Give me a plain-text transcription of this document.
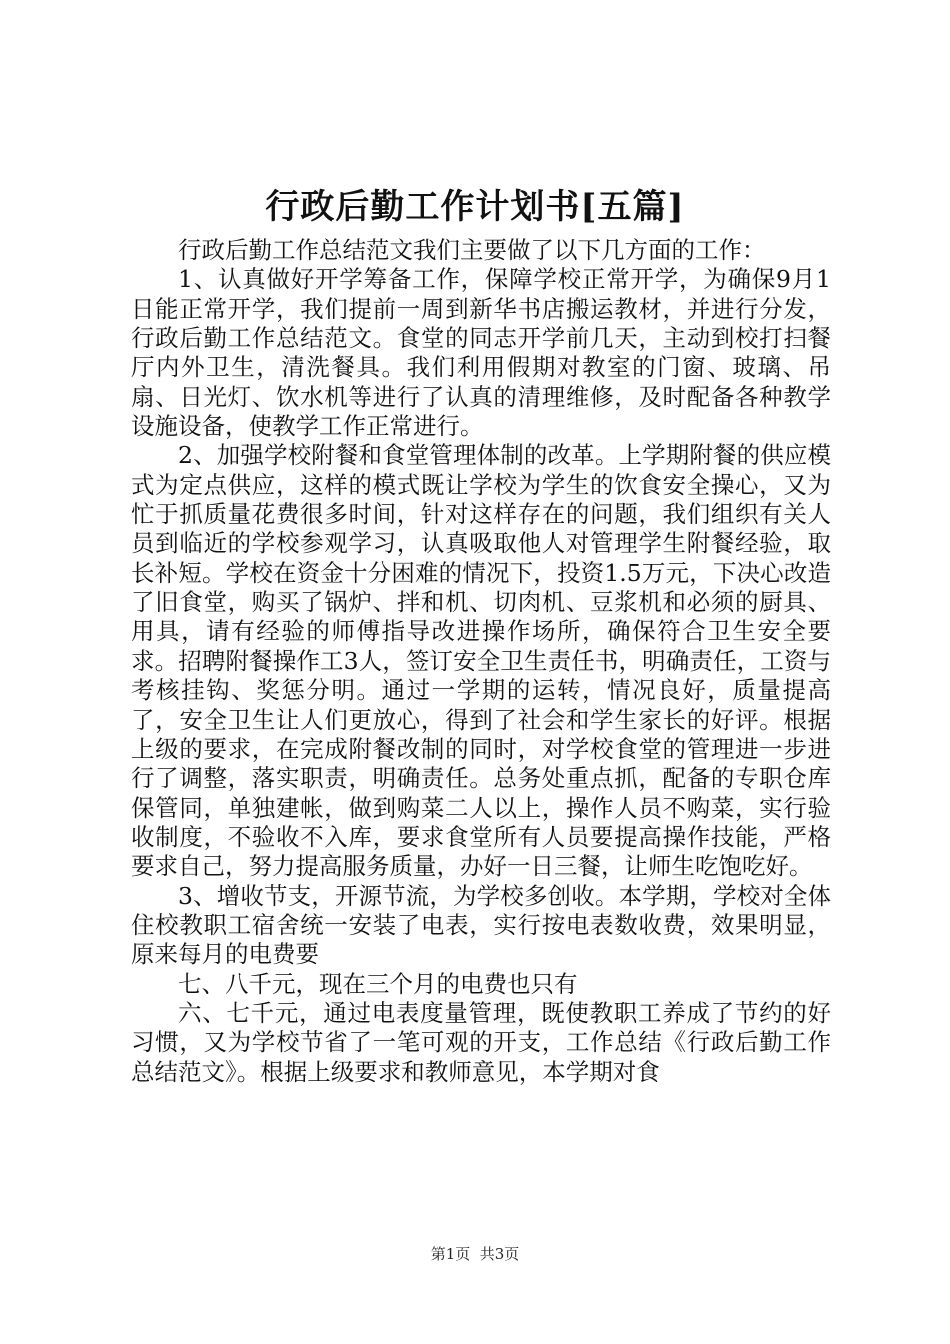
行政后勤工作计划书[五篇]

行政后勤工作总结范文我们主要做了以下几方面的工作：

1、认真做好开学筹备工作，保障学校正常开学，为确保9月1日能正常开学，我们提前一周到新华书店搬运教材，并进行分发，行政后勤工作总结范文。食堂的同志开学前几天，主动到校打扫餐厅内外卫生，清洗餐具。我们利用假期对教室的门窗、玻璃、吊扇、日光灯、饮水机等进行了认真的清理维修，及时配备各种教学设施设备，使教学工作正常进行。

2、加强学校附餐和食堂管理体制的改革。上学期附餐的供应模式为定点供应，这样的模式既让学校为学生的饮食安全操心，又为忙于抓质量花费很多时间，针对这样存在的问题，我们组织有关人员到临近的学校参观学习，认真吸取他人对管理学生附餐经验，取长补短。学校在资金十分困难的情况下，投资1.5万元，下决心改造了旧食堂，购买了锅炉、拌和机、切肉机、豆浆机和必须的厨具、用具，请有经验的师傅指导改进操作场所，确保符合卫生安全要求。招聘附餐操作工3人，签订安全卫生责任书，明确责任，工资与考核挂钩、奖惩分明。通过一学期的运转，情况良好，质量提高了，安全卫生让人们更放心，得到了社会和学生家长的好评。根据上级的要求，在完成附餐改制的同时，对学校食堂的管理进一步进行了调整，落实职责，明确责任。总务处重点抓，配备的专职仓库保管同，单独建帐，做到购菜二人以上，操作人员不购菜，实行验收制度，不验收不入库，要求食堂所有人员要提高操作技能，严格要求自己，努力提高服务质量，办好一日三餐，让师生吃饱吃好。

3、增收节支，开源节流，为学校多创收。本学期，学校对全体住校教职工宿舍统一安装了电表，实行按电表数收费，效果明显，原来每月的电费要

七、八千元，现在三个月的电费也只有

六、七千元，通过电表度量管理，既使教职工养成了节约的好习惯，又为学校节省了一笔可观的开支，工作总结《行政后勤工作总结范文》。根据上级要求和教师意见，本学期对食

第1页  共3页
